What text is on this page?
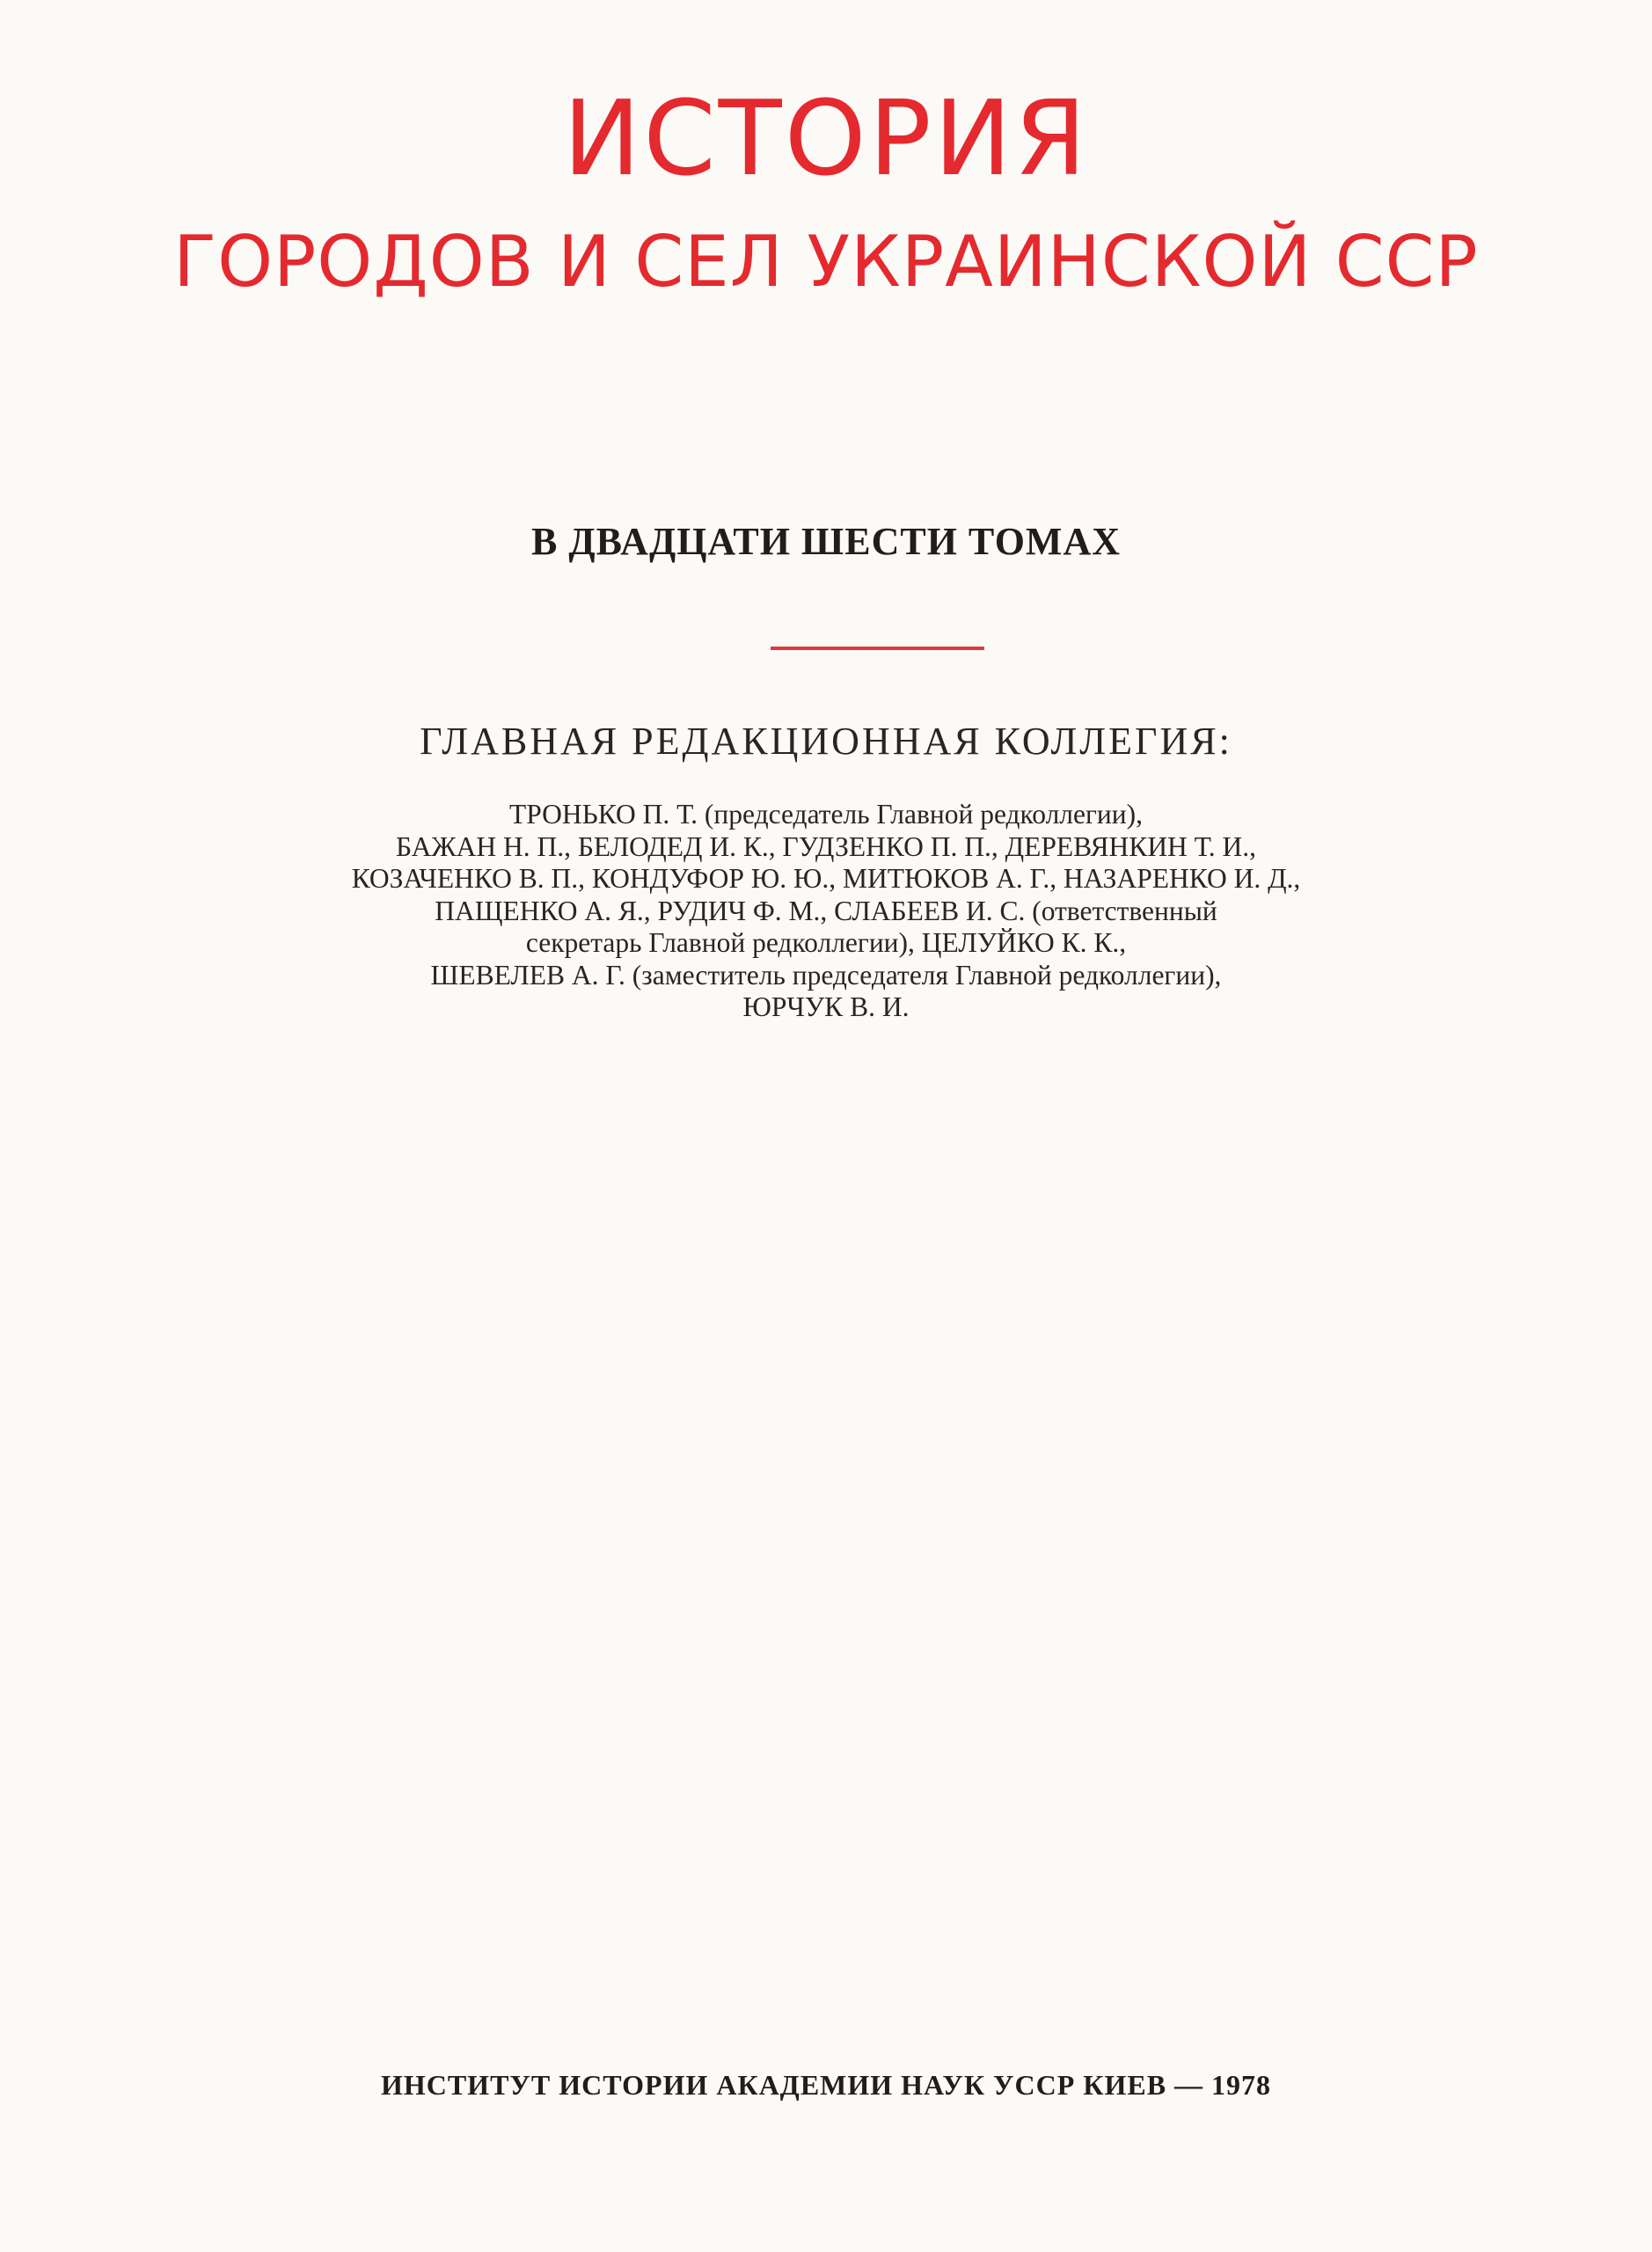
ИСТОРИЯ
ГОРОДОВ И СЕЛ УКРАИНСКОЙ ССР
В ДВАДЦАТИ ШЕСТИ ТОМАХ
ГЛАВНАЯ РЕДАКЦИОННАЯ КОЛЛЕГИЯ:
ТРОНЬКО П. Т. (председатель Главной редколлегии),
БАЖАН Н. П., БЕЛОДЕД И. К., ГУДЗЕНКО П. П., ДЕРЕВЯНКИН Т. И.,
КОЗАЧЕНКО В. П., КОНДУФОР Ю. Ю., МИТЮКОВ А. Г., НАЗАРЕНКО И. Д.,
ПАЩЕНКО А. Я., РУДИЧ Ф. М., СЛАБЕЕВ И. С. (ответственный
секретарь Главной редколлегии), ЦЕЛУЙКО К. К.,
ШЕВЕЛЕВ А. Г. (заместитель председателя Главной редколлегии),
ЮРЧУК В. И.
ИНСТИТУТ ИСТОРИИ АКАДЕМИИ НАУК УССР КИЕВ — 1978
